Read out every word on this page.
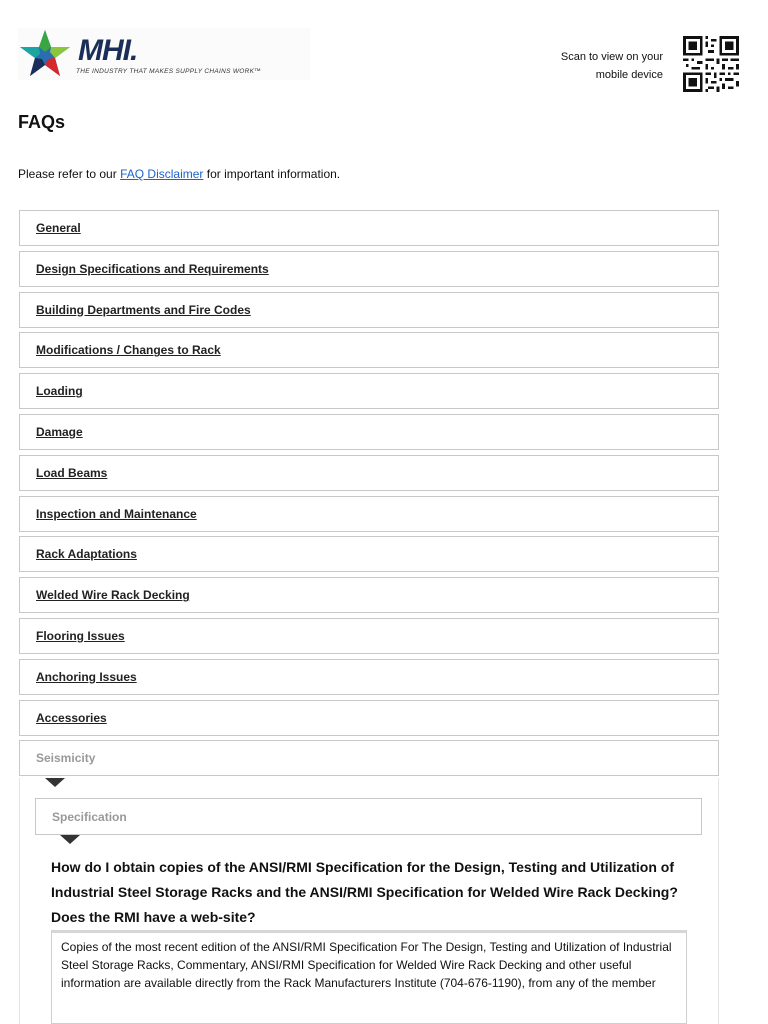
MHI.
THE INDUSTRY THAT MAKES SUPPLY CHAINS WORK™
Scan to view on your
mobile device
FAQs

Please refer to our FAQ Disclaimer for important information.

General
Design Specifications and Requirements
Building Departments and Fire Codes
Modifications / Changes to Rack
Loading
Damage
Load Beams
Inspection and Maintenance
Rack Adaptations
Welded Wire Rack Decking
Flooring Issues
Anchoring Issues
Accessories
Seismicity
Specification

How do I obtain copies of the ANSI/RMI Specification for the Design, Testing and Utilization of Industrial Steel Storage Racks and the ANSI/RMI Specification for Welded Wire Rack Decking? Does the RMI have a web-site?

Copies of the most recent edition of the ANSI/RMI Specification For The Design, Testing and Utilization of Industrial Steel Storage Racks, Commentary, ANSI/RMI Specification for Welded Wire Rack Decking and other useful information are available directly from the Rack Manufacturers Institute (704-676-1190), from any of the member
